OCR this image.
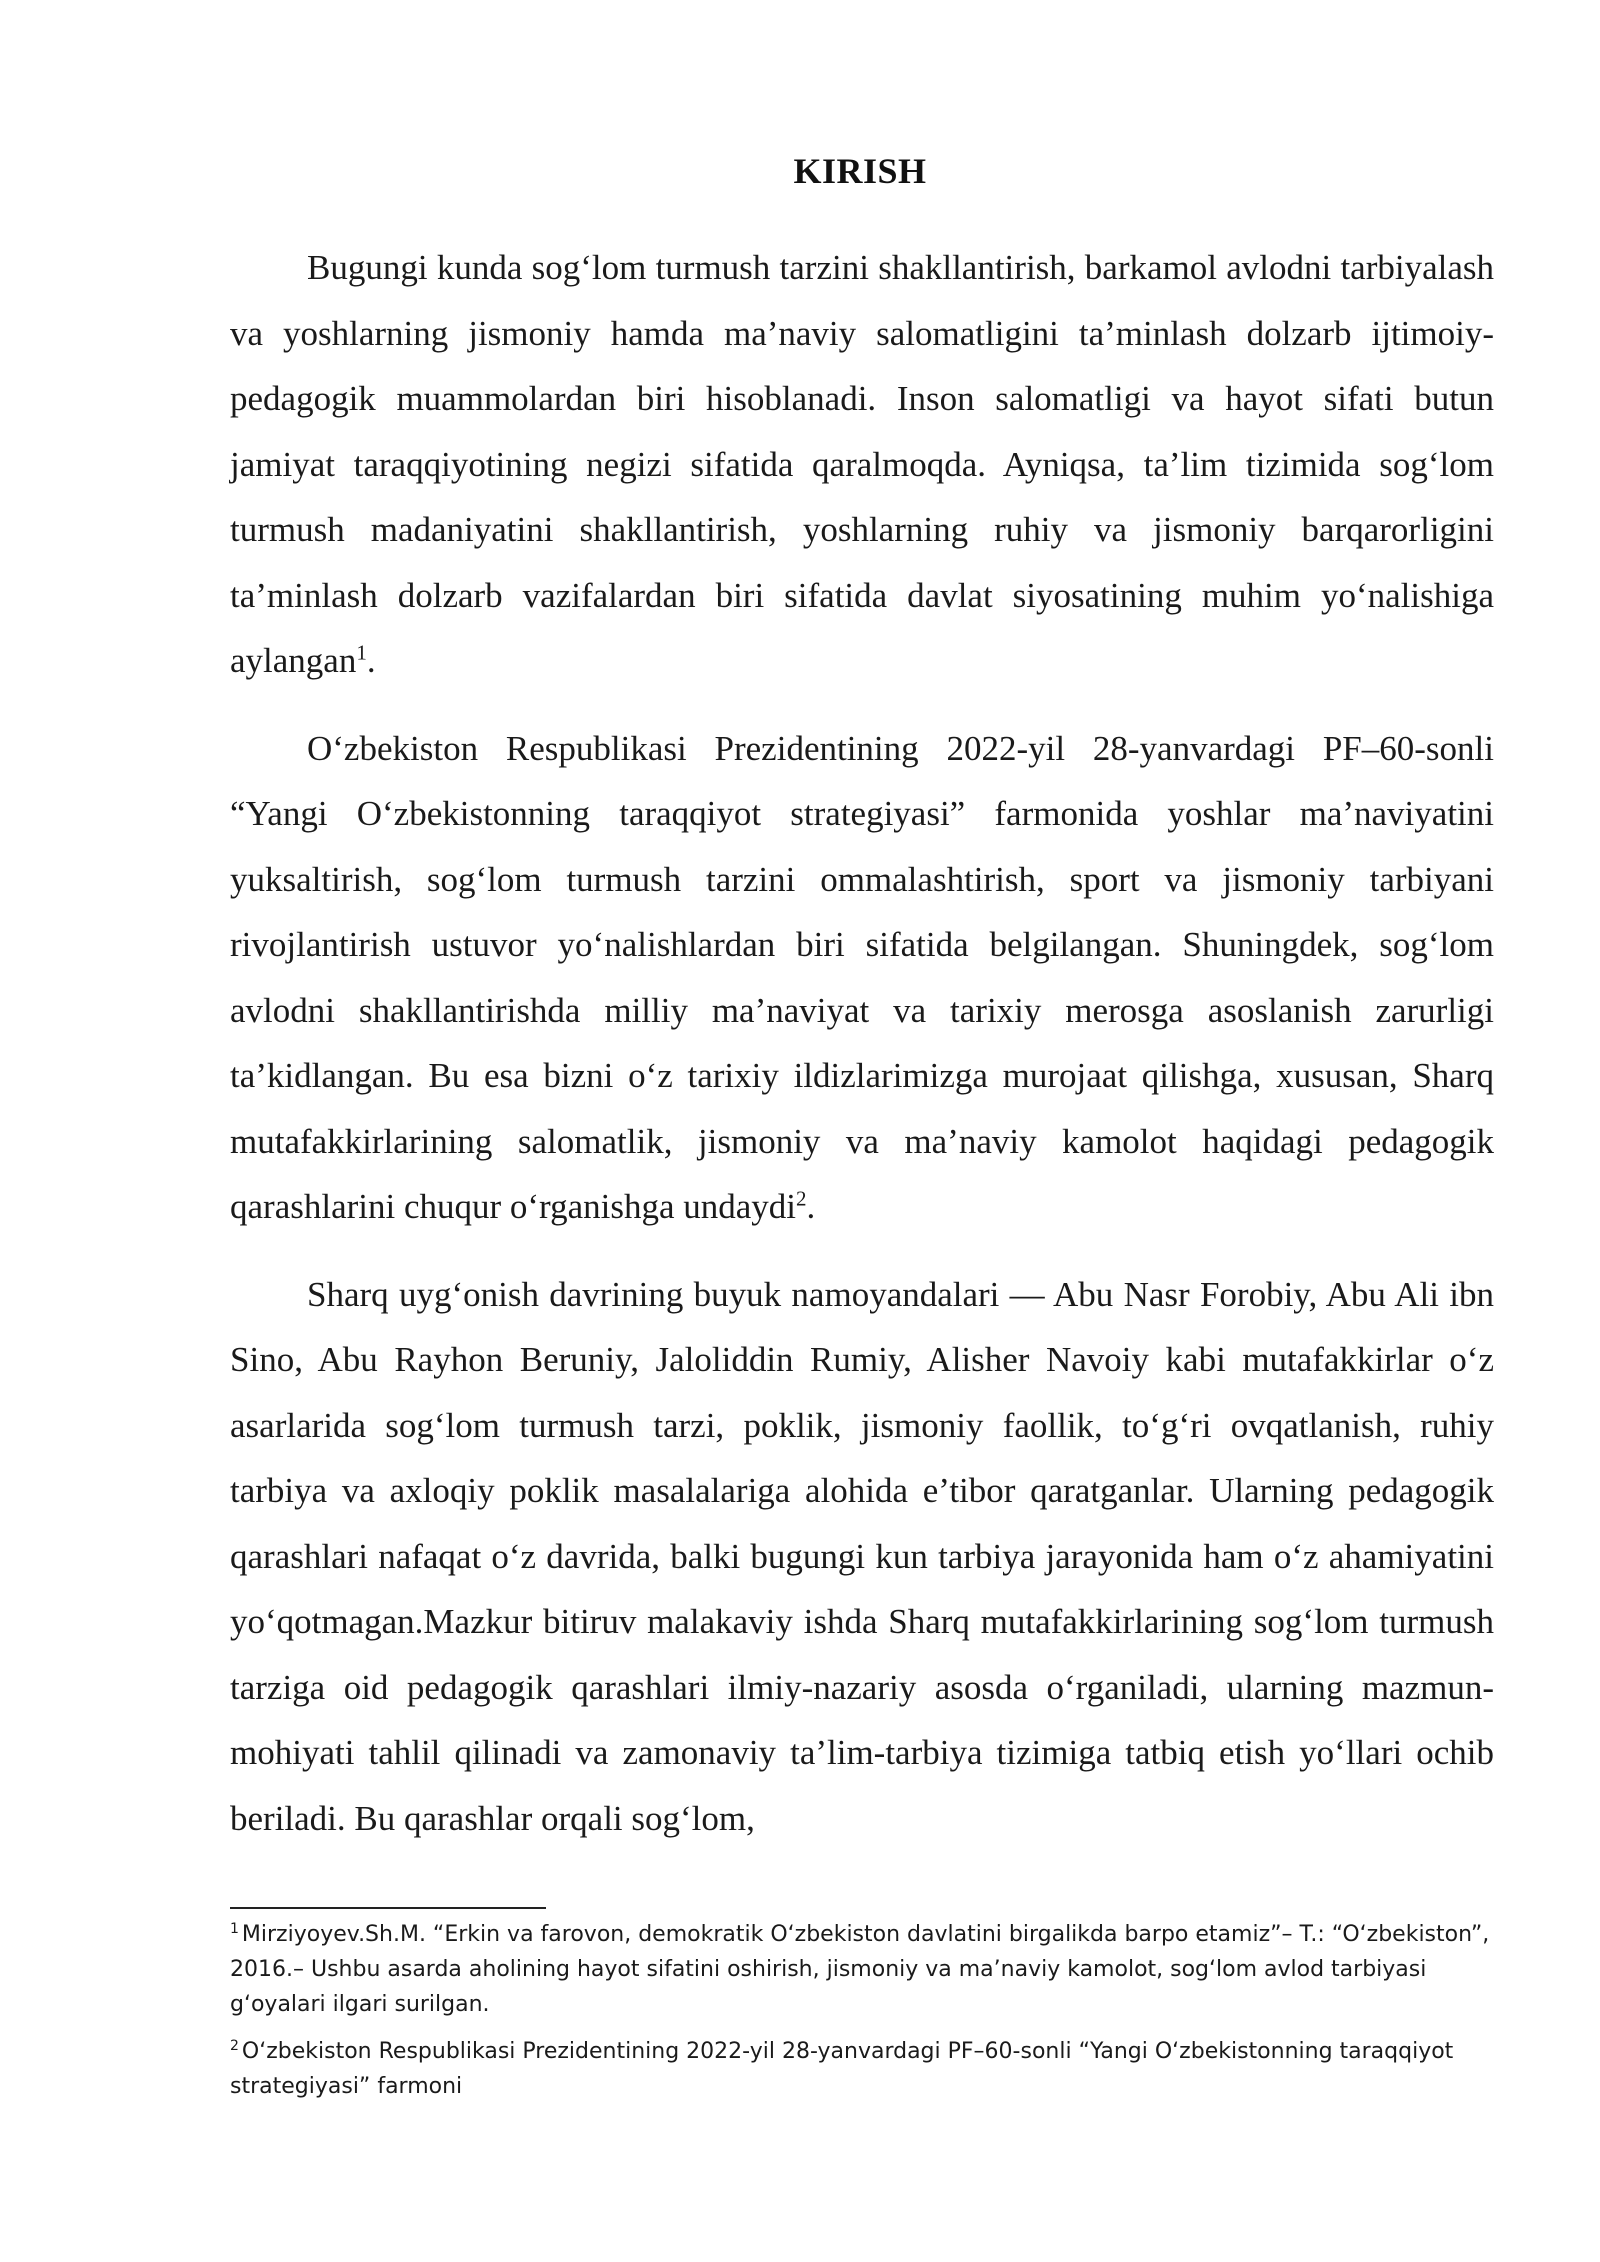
KIRISH

Bugungi kunda sog‘lom turmush tarzini shakllantirish, barkamol avlodni tarbiyalash va yoshlarning jismoniy hamda ma’naviy salomatligini ta’minlash dolzarb ijtimoiy-pedagogik muammolardan biri hisoblanadi. Inson salomatligi va hayot sifati butun jamiyat taraqqiyotining negizi sifatida qaralmoqda. Ayniqsa, ta’lim tizimida sog‘lom turmush madaniyatini shakllantirish, yoshlarning ruhiy va jismoniy barqarorligini ta’minlash dolzarb vazifalardan biri sifatida davlat siyosatining muhim yo‘nalishiga aylangan$^1$.

O‘zbekiston Respublikasi Prezidentining 2022-yil 28-yanvardagi PF–60-sonli “Yangi O‘zbekistonning taraqqiyot strategiyasi” farmonida yoshlar ma’naviyatini yuksaltirish, sog‘lom turmush tarzini ommalashtirish, sport va jismoniy tarbiyani rivojlantirish ustuvor yo‘nalishlardan biri sifatida belgilangan. Shuningdek, sog‘lom avlodni shakllantirishda milliy ma’naviyat va tarixiy merosga asoslanish zarurligi ta’kidlangan. Bu esa bizni o‘z tarixiy ildizlarimizga murojaat qilishga, xususan, Sharq mutafakkirlarining salomatlik, jismoniy va ma’naviy kamolot haqidagi pedagogik qarashlarini chuqur o‘rganishga undaydi$^2$.

Sharq uyg‘onish davrining buyuk namoyandalari — Abu Nasr Forobiy, Abu Ali ibn Sino, Abu Rayhon Beruniy, Jaloliddin Rumiy, Alisher Navoiy kabi mutafakkirlar o‘z asarlarida sog‘lom turmush tarzi, poklik, jismoniy faollik, to‘g‘ri ovqatlanish, ruhiy tarbiya va axloqiy poklik masalalariga alohida e’tibor qaratganlar. Ularning pedagogik qarashlari nafaqat o‘z davrida, balki bugungi kun tarbiya jarayonida ham o‘z ahamiyatini yo‘qotmagan.Mazkur bitiruv malakaviy ishda Sharq mutafakkirlarining sog‘lom turmush tarziga oid pedagogik qarashlari ilmiy-nazariy asosda o‘rganiladi, ularning mazmun-mohiyati tahlil qilinadi va zamonaviy ta’lim-tarbiya tizimiga tatbiq etish yo‘llari ochib beriladi. Bu qarashlar orqali sog‘lom,

$^1$ Mirziyoyev.Sh.M. “Erkin va farovon, demokratik O‘zbekiston davlatini birgalikda barpo etamiz”– T.: “O‘zbekiston”, 2016.– Ushbu asarda aholining hayot sifatini oshirish, jismoniy va ma’naviy kamolot, sog‘lom avlod tarbiyasi g‘oyalari ilgari surilgan.

$^2$ O‘zbekiston Respublikasi Prezidentining 2022-yil 28-yanvardagi PF–60-sonli “Yangi O‘zbekistonning taraqqiyot strategiyasi” farmoni
